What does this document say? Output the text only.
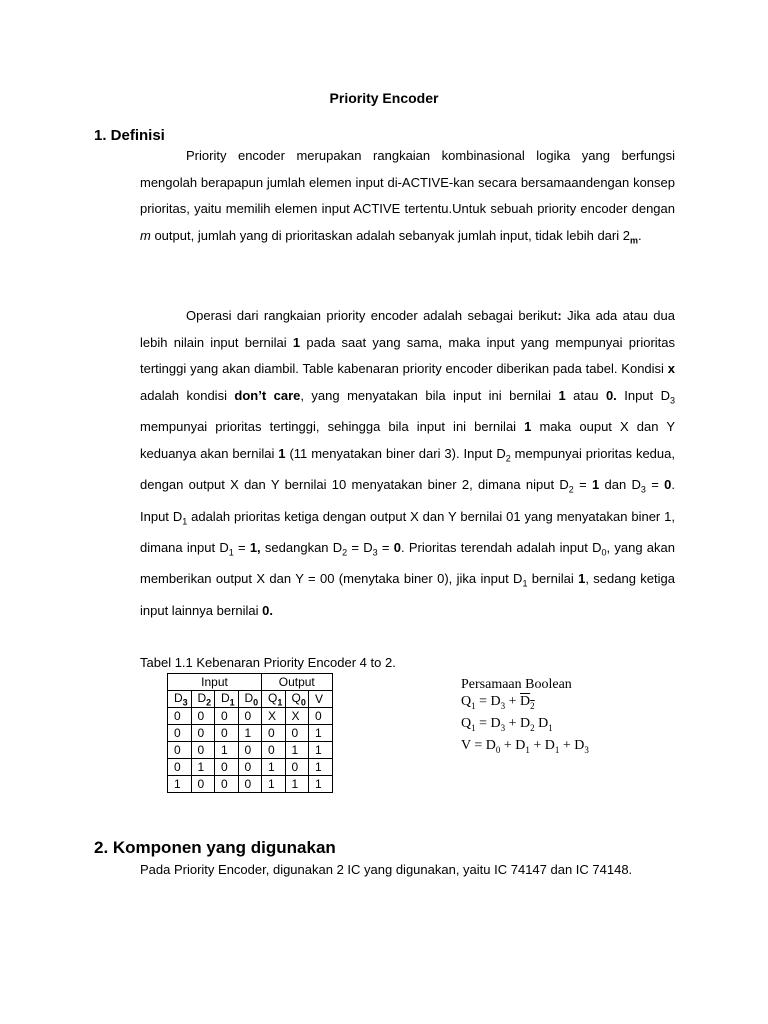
Priority Encoder
1. Definisi
Priority encoder merupakan rangkaian kombinasional logika yang berfungsi mengolah berapapun jumlah elemen input di-ACTIVE-kan secara bersamaandengan konsep prioritas, yaitu memilih elemen input ACTIVE tertentu.Untuk sebuah priority encoder dengan m output, jumlah yang di prioritaskan adalah sebanyak jumlah input, tidak lebih dari $2_m$.
Operasi dari rangkaian priority encoder adalah sebagai berikut: Jika ada atau dua lebih nilain input bernilai 1 pada saat yang sama, maka input yang mempunyai prioritas tertinggi yang akan diambil. Table kabenaran priority encoder diberikan pada tabel. Kondisi x adalah kondisi don’t care, yang menyatakan bila input ini bernilai 1 atau 0. Input $D_3$ mempunyai prioritas tertinggi, sehingga bila input ini bernilai 1 maka ouput X dan Y keduanya akan bernilai 1 (11 menyatakan biner dari 3). Input $D_2$ mempunyai prioritas kedua, dengan output X dan Y bernilai 10 menyatakan biner 2, dimana niput $D_2 = 1$ dan $D_3 = 0$. Input $D_1$ adalah prioritas ketiga dengan output X dan Y bernilai 01 yang menyatakan biner 1, dimana input $D_1 = 1$, sedangkan $D_2 = D_3 = 0$. Prioritas terendah adalah input $D_0$, yang akan memberikan output X dan Y = 00 (menytaka biner 0), jika input $D_1$ bernilai 1, sedang ketiga input lainnya bernilai 0.
Tabel 1.1 Kebenaran Priority Encoder 4 to 2.
Input				Output		
$D_3$	$D_2$	$D_1$	$D_0$	$Q_1$	$Q_0$	V
0	0	0	0	X	X	0
0	0	0	1	0	0	1
0	0	1	0	0	1	1
0	1	0	0	1	0	1
1	0	0	0	1	1	1
Persamaan Boolean
$Q_1 = D_3 + \overline{D}_2$
$Q_1 = D_3 + D_2$ $D_1$
$V = D_0 + D_1 + D_1 + D_3$
2. Komponen yang digunakan
Pada Priority Encoder, digunakan 2 IC yang digunakan, yaitu IC 74147 dan IC 74148.
